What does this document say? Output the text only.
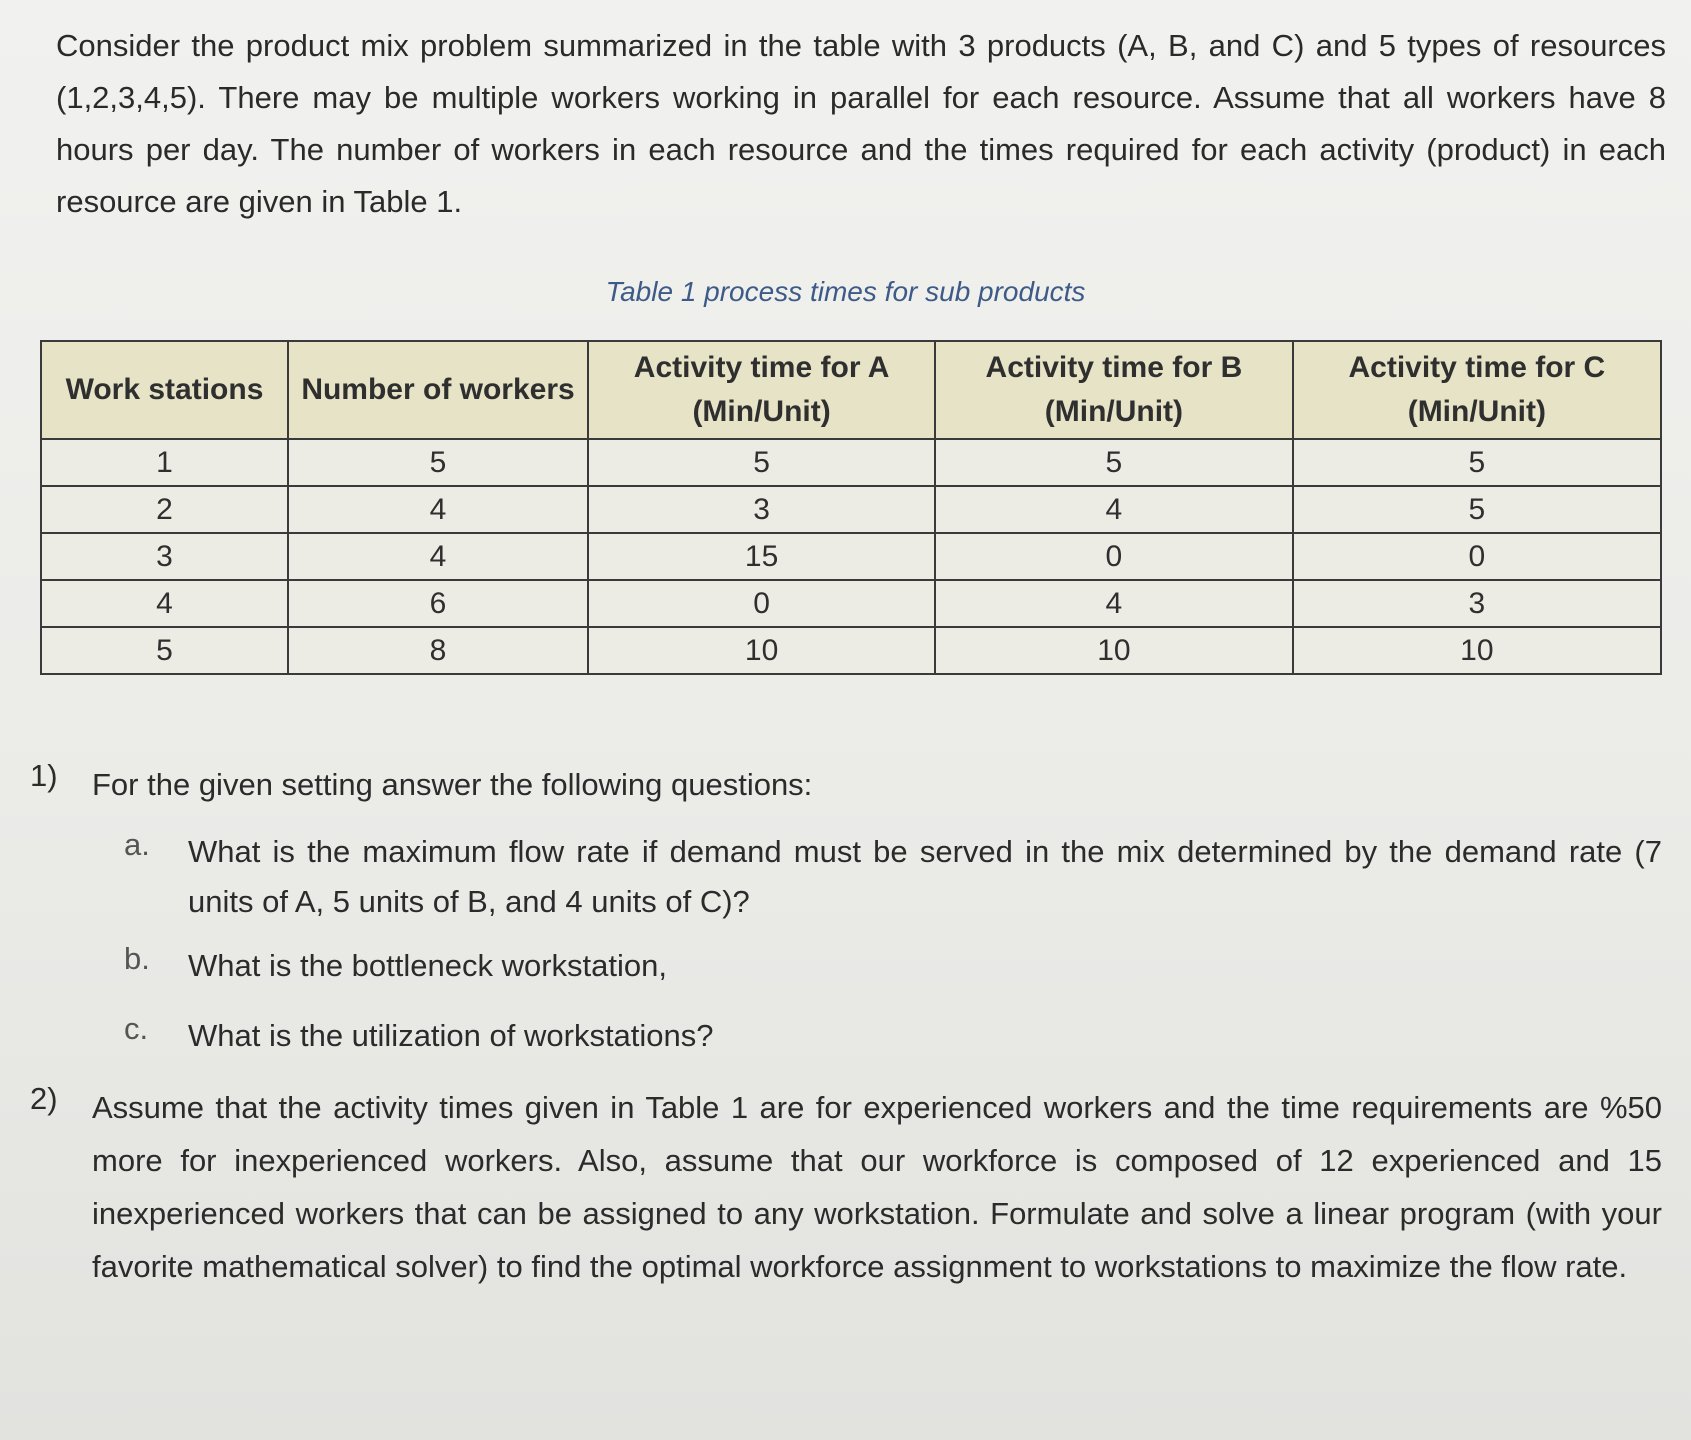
Consider the product mix problem summarized in the table with 3 products (A, B, and C) and 5 types of resources (1,2,3,4,5). There may be multiple workers working in parallel for each resource. Assume that all workers have 8 hours per day. The number of workers in each resource and the times required for each activity (product) in each resource are given in Table 1.
Table 1 process times for sub products
Work stations	Number of workers	Activity time for A (Min/Unit)	Activity time for B (Min/Unit)	Activity time for C (Min/Unit)
1	5	5	5	5
2	4	3	4	5
3	4	15	0	0
4	6	0	4	3
5	8	10	10	10
1)	For the given setting answer the following questions:
a.	What is the maximum flow rate if demand must be served in the mix determined by the demand rate (7 units of A, 5 units of B, and 4 units of C)?
b.	What is the bottleneck workstation,
c.	What is the utilization of workstations?
2)	Assume that the activity times given in Table 1 are for experienced workers and the time requirements are %50 more for inexperienced workers. Also, assume that our workforce is composed of 12 experienced and 15 inexperienced workers that can be assigned to any workstation. Formulate and solve a linear program (with your favorite mathematical solver) to find the optimal workforce assignment to workstations to maximize the flow rate.
